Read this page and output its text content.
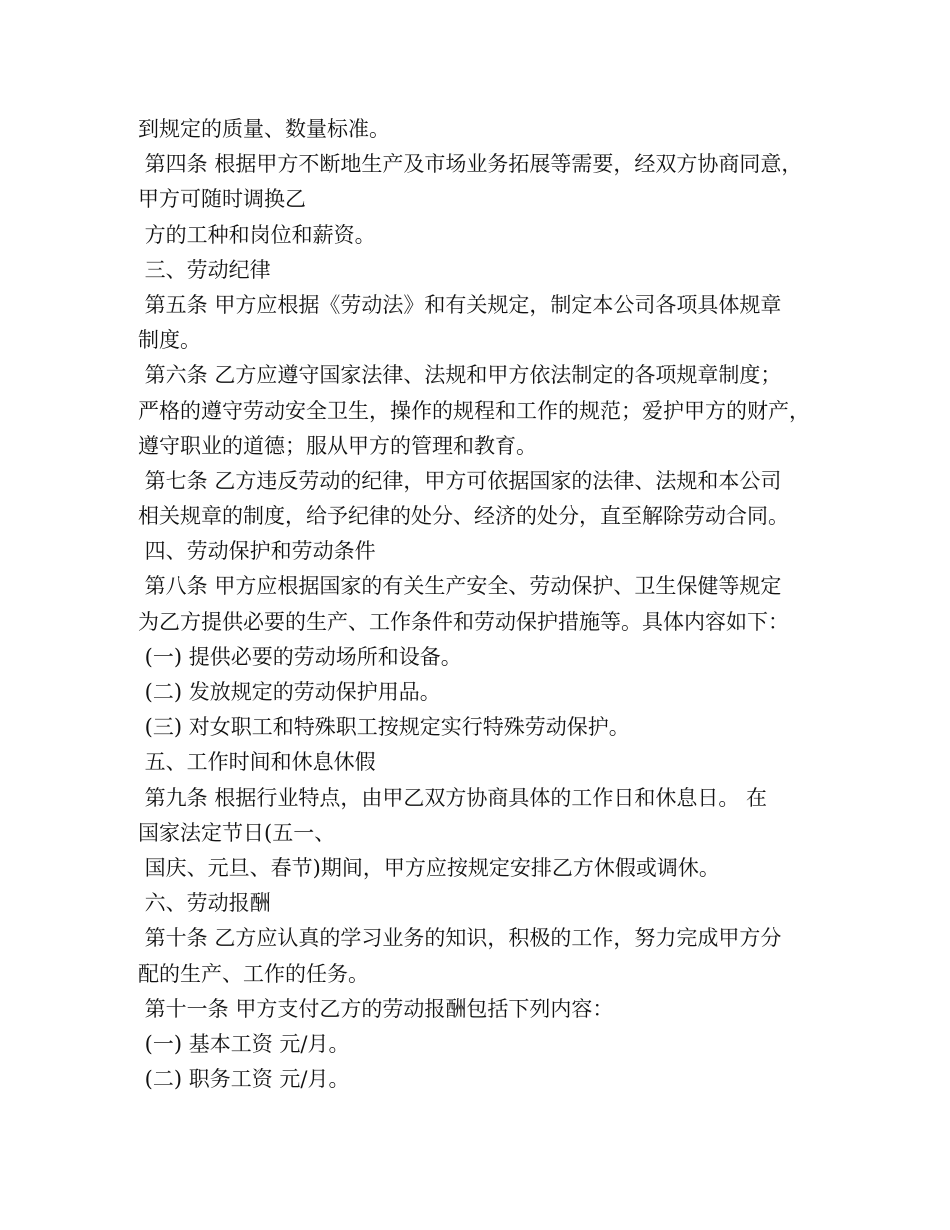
到规定的质量、数量标准。
第四条 根据甲方不断地生产及市场业务拓展等需要，经双方协商同意，
甲方可随时调换乙
方的工种和岗位和薪资。
三、劳动纪律
第五条 甲方应根据《劳动法》和有关规定，制定本公司各项具体规章
制度。
第六条 乙方应遵守国家法律、法规和甲方依法制定的各项规章制度；
严格的遵守劳动安全卫生，操作的规程和工作的规范；爱护甲方的财产，
遵守职业的道德；服从甲方的管理和教育。
第七条 乙方违反劳动的纪律，甲方可依据国家的法律、法规和本公司
相关规章的制度，给予纪律的处分、经济的处分，直至解除劳动合同。
四、劳动保护和劳动条件
第八条 甲方应根据国家的有关生产安全、劳动保护、卫生保健等规定
为乙方提供必要的生产、工作条件和劳动保护措施等。具体内容如下：
(一) 提供必要的劳动场所和设备。
(二) 发放规定的劳动保护用品。
(三) 对女职工和特殊职工按规定实行特殊劳动保护。
五、工作时间和休息休假
第九条 根据行业特点，由甲乙双方协商具体的工作日和休息日。 在
国家法定节日(五一、
国庆、元旦、春节)期间，甲方应按规定安排乙方休假或调休。
六、劳动报酬
第十条 乙方应认真的学习业务的知识，积极的工作，努力完成甲方分
配的生产、工作的任务。
第十一条 甲方支付乙方的劳动报酬包括下列内容：
(一) 基本工资 元/月。
(二) 职务工资 元/月。
